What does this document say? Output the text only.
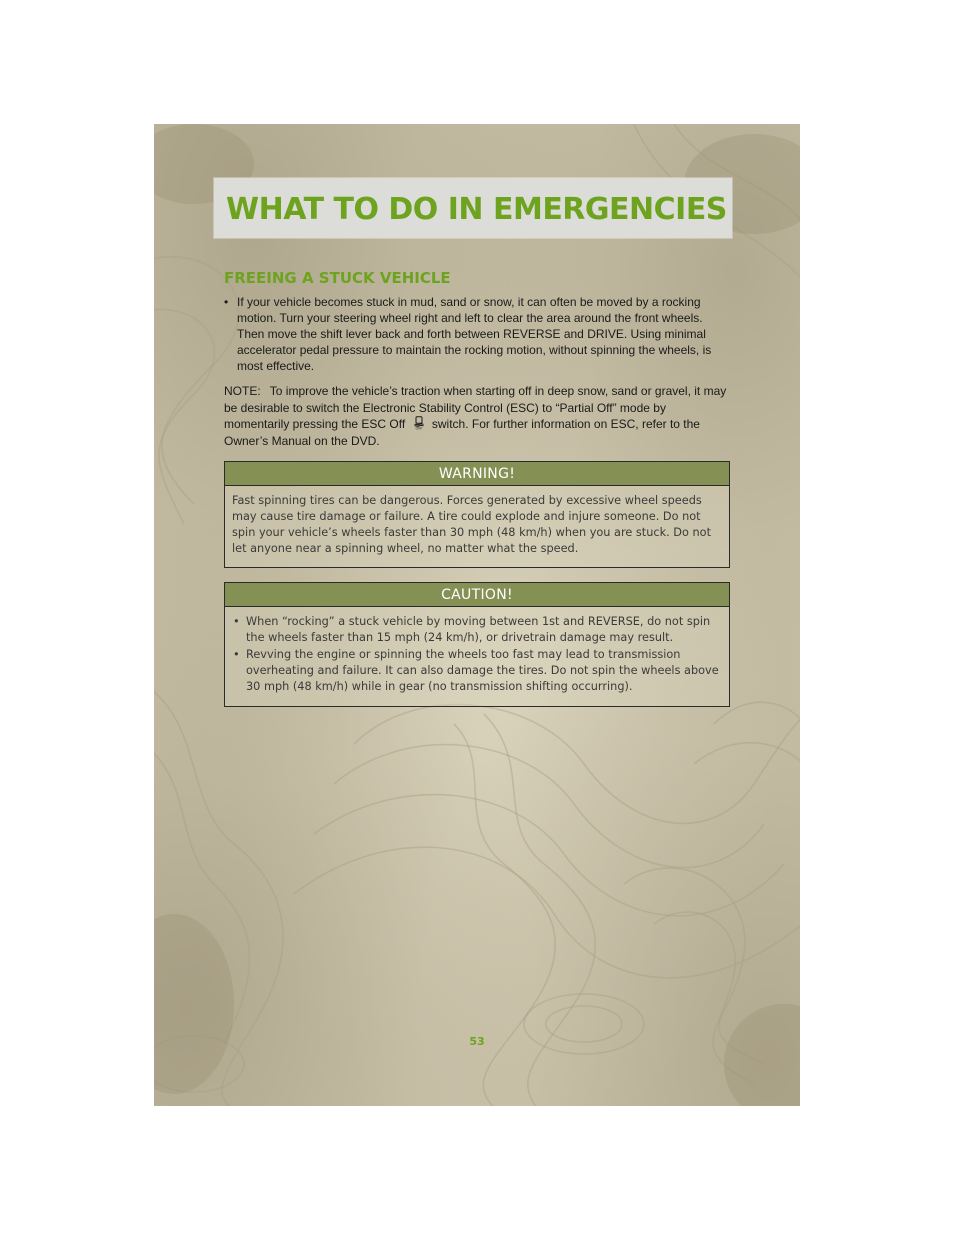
WHAT TO DO IN EMERGENCIES
FREEING A STUCK VEHICLE
• If your vehicle becomes stuck in mud, sand or snow, it can often be moved by a rocking motion. Turn your steering wheel right and left to clear the area around the front wheels. Then move the shift lever back and forth between REVERSE and DRIVE. Using minimal accelerator pedal pressure to maintain the rocking motion, without spinning the wheels, is most effective.

NOTE: To improve the vehicle’s traction when starting off in deep snow, sand or gravel, it may be desirable to switch the Electronic Stability Control (ESC) to “Partial Off” mode by momentarily pressing the ESC Off	OFF switch. For further information on ESC, refer to the Owner’s Manual on the DVD.

WARNING!
Fast spinning tires can be dangerous. Forces generated by excessive wheel speeds may cause tire damage or failure. A tire could explode and injure someone. Do not spin your vehicle’s wheels faster than 30 mph (48 km/h) when you are stuck. Do not let anyone near a spinning wheel, no matter what the speed.
CAUTION!
• When “rocking” a stuck vehicle by moving between 1st and REVERSE, do not spin the wheels faster than 15 mph (24 km/h), or drivetrain damage may result.
• Revving the engine or spinning the wheels too fast may lead to transmission overheating and failure. It can also damage the tires. Do not spin the wheels above 30 mph (48 km/h) while in gear (no transmission shifting occurring).
53
